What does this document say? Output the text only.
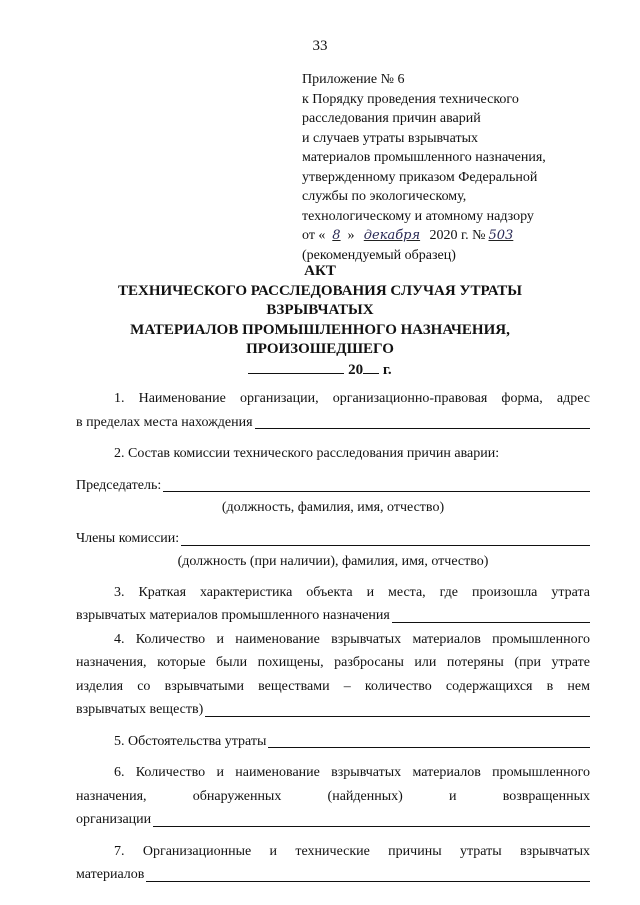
33
Приложение № 6
к Порядку проведения технического
расследования причин аварий
и случаев утраты взрывчатых
материалов промышленного назначения,
утвержденному приказом Федеральной
службы по экологическому,
технологическому и атомному надзору
от « 8 » декабря 2020 г. № 503
(рекомендуемый образец)
АКТ
ТЕХНИЧЕСКОГО РАССЛЕДОВАНИЯ СЛУЧАЯ УТРАТЫ
ВЗРЫВЧАТЫХ
МАТЕРИАЛОВ ПРОМЫШЛЕННОГО НАЗНАЧЕНИЯ,
ПРОИЗОШЕДШЕГО
20 г.
1. Наименование организации, организационно-правовая форма, адрес
в пределах места нахождения
2. Состав комиссии технического расследования причин аварии:
Председатель:
(должность, фамилия, имя, отчество)
Члены комиссии:
(должность (при наличии), фамилия, имя, отчество)
3. Краткая характеристика объекта и места, где произошла утрата
взрывчатых материалов промышленного назначения
4. Количество и наименование взрывчатых материалов промышленного
назначения, которые были похищены, разбросаны или потеряны (при утрате
изделия со взрывчатыми веществами – количество содержащихся в нем
взрывчатых веществ)
5. Обстоятельства утраты
6. Количество и наименование взрывчатых материалов промышленного
назначения, обнаруженных (найденных) и возвращенных
организации
7. Организационные и технические причины утраты взрывчатых
материалов
